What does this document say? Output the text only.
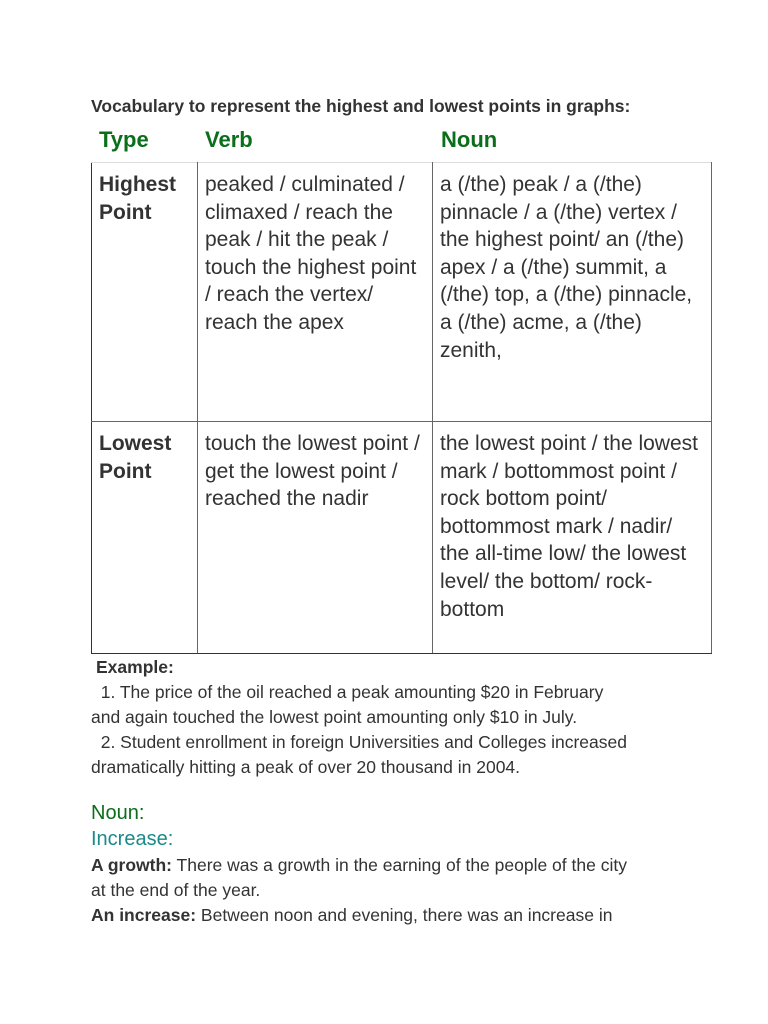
Vocabulary to represent the highest and lowest points in graphs:
Type	Verb	Noun
Highest Point	peaked / culminated / climaxed / reach the peak / hit the peak / touch the highest point / reach the vertex/ reach the apex	a (/the) peak / a (/the) pinnacle / a (/the) vertex / the highest point/ an (/the) apex / a (/the) summit, a (/the) top, a (/the) pinnacle, a (/the) acme, a (/the) zenith,
Lowest Point	touch the lowest point / get the lowest point / reached the nadir	the lowest point / the lowest mark / bottommost point / rock bottom point/ bottommost mark / nadir/ the all-time low/ the lowest level/ the bottom/ rock-bottom
Example:
1. The price of the oil reached a peak amounting $20 in February
and again touched the lowest point amounting only $10 in July.
2. Student enrollment in foreign Universities and Colleges increased
dramatically hitting a peak of over 20 thousand in 2004.
Noun:
Increase:
A growth: There was a growth in the earning of the people of the city
at the end of the year.
An increase: Between noon and evening, there was an increase in
